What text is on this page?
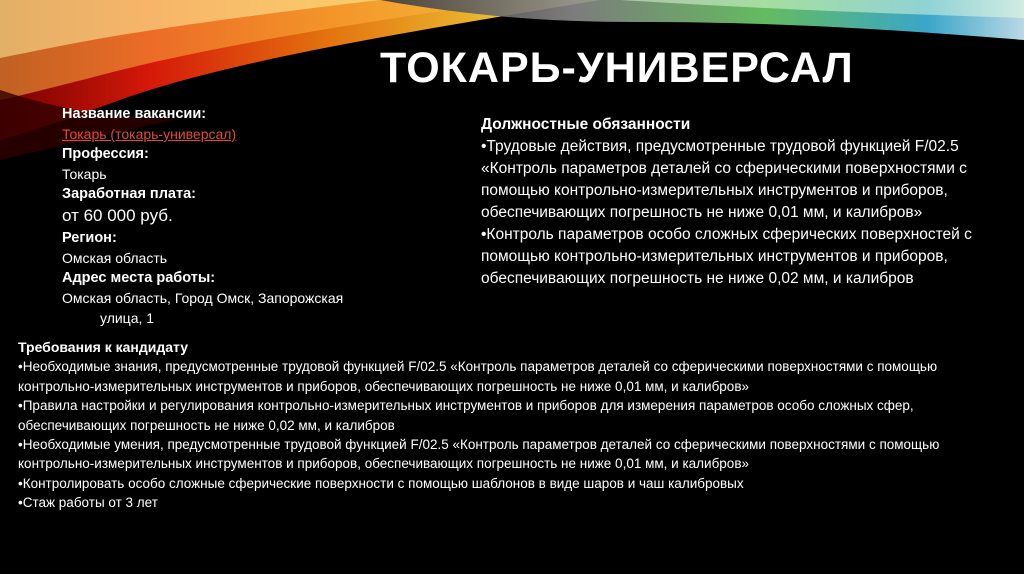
ТОКАРЬ-УНИВЕРСАЛ
Название вакансии:
Токарь (токарь-универсал)
Профессия:
Токарь
Заработная плата:
от 60 000 руб.
Регион:
Омская область
Адрес места работы:
Омская область, Город Омск, Запорожская
улица, 1
Должностные обязанности
•Трудовые действия, предусмотренные трудовой функцией F/02.5 «Контроль параметров деталей со сферическими поверхностями с помощью контрольно-измерительных инструментов и приборов, обеспечивающих погрешность не ниже 0,01 мм, и калибров»
•Контроль параметров особо сложных сферических поверхностей с помощью контрольно-измерительных инструментов и приборов, обеспечивающих погрешность не ниже 0,02 мм, и калибров
Требования к кандидату
•Необходимые знания, предусмотренные трудовой функцией F/02.5 «Контроль параметров деталей со сферическими поверхностями с помощью контрольно-измерительных инструментов и приборов, обеспечивающих погрешность не ниже 0,01 мм, и калибров»
•Правила настройки и регулирования контрольно-измерительных инструментов и приборов для измерения параметров особо сложных сфер, обеспечивающих погрешность не ниже 0,02 мм, и калибров
•Необходимые умения, предусмотренные трудовой функцией F/02.5 «Контроль параметров деталей со сферическими поверхностями с помощью контрольно-измерительных инструментов и приборов, обеспечивающих погрешность не ниже 0,01 мм, и калибров»
•Контролировать особо сложные сферические поверхности с помощью шаблонов в виде шаров и чаш калибровых
•Стаж работы от 3 лет
